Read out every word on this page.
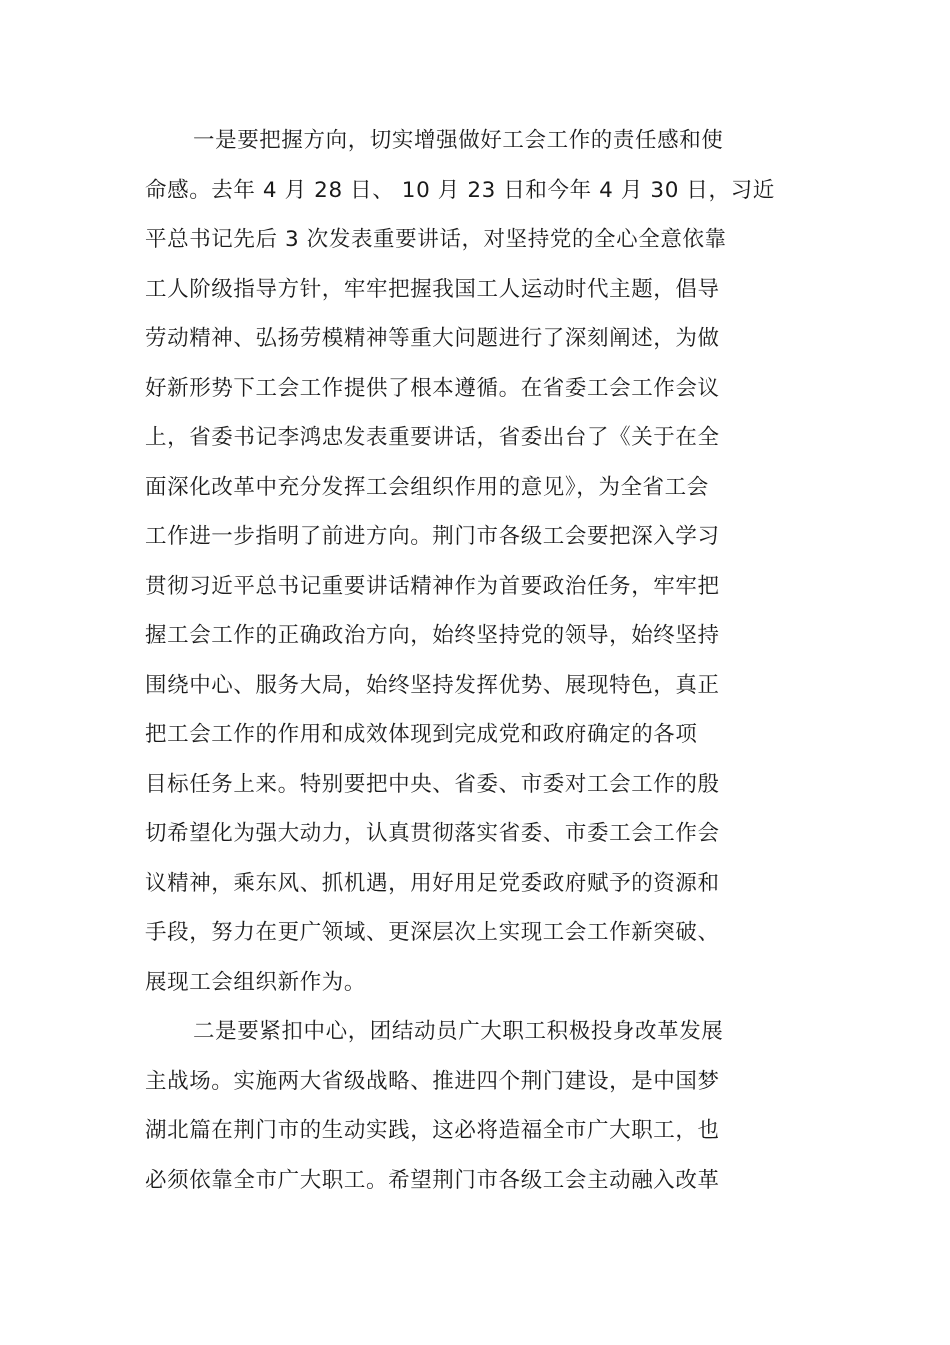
一是要把握方向，切实增强做好工会工作的责任感和使
命感。去年 4 月 28 日、 10 月 23 日和今年 4 月 30 日，习近
平总书记先后 3 次发表重要讲话，对坚持党的全心全意依靠
工人阶级指导方针，牢牢把握我国工人运动时代主题，倡导
劳动精神、弘扬劳模精神等重大问题进行了深刻阐述，为做
好新形势下工会工作提供了根本遵循。在省委工会工作会议
上，省委书记李鸿忠发表重要讲话，省委出台了《关于在全
面深化改革中充分发挥工会组织作用的意见》，为全省工会
工作进一步指明了前进方向。荆门市各级工会要把深入学习
贯彻习近平总书记重要讲话精神作为首要政治任务，牢牢把
握工会工作的正确政治方向，始终坚持党的领导，始终坚持
围绕中心、服务大局，始终坚持发挥优势、展现特色，真正
把工会工作的作用和成效体现到完成党和政府确定的各项
目标任务上来。特别要把中央、省委、市委对工会工作的殷
切希望化为强大动力，认真贯彻落实省委、市委工会工作会
议精神，乘东风、抓机遇，用好用足党委政府赋予的资源和
手段，努力在更广领域、更深层次上实现工会工作新突破、
展现工会组织新作为。
二是要紧扣中心，团结动员广大职工积极投身改革发展
主战场。实施两大省级战略、推进四个荆门建设，是中国梦
湖北篇在荆门市的生动实践，这必将造福全市广大职工，也
必须依靠全市广大职工。希望荆门市各级工会主动融入改革
